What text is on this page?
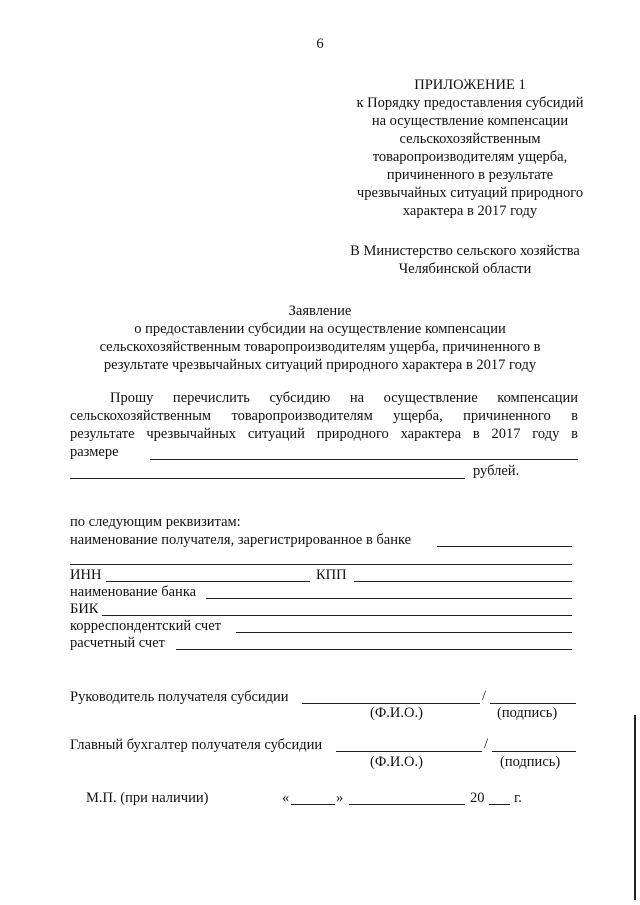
6
ПРИЛОЖЕНИЕ 1
к Порядку предоставления субсидий
на осуществление компенсации
сельскохозяйственным
товаропроизводителям ущерба,
причиненного в результате
чрезвычайных ситуаций природного
характера в 2017 году
В Министерство сельского хозяйства
Челябинской области
Заявление
о предоставлении субсидии на осуществление компенсации
сельскохозяйственным товаропроизводителям ущерба, причиненного в
результате чрезвычайных ситуаций природного характера в 2017 году
Прошу перечислить субсидию на осуществление компенсации
сельскохозяйственным товаропроизводителям ущерба, причиненного в
результате чрезвычайных ситуаций природного характера в 2017 году в
размере
рублей.
по следующим реквизитам:
наименование получателя, зарегистрированное в банке
ИНН	КПП
наименование банка
БИК
корреспондентский счет
расчетный счет
Руководитель получателя субсидии	/
(Ф.И.О.)	(подпись)
Главный бухгалтер получателя субсидии	/
(Ф.И.О.)	(подпись)
М.П. (при наличии)	«	»	20 г.
